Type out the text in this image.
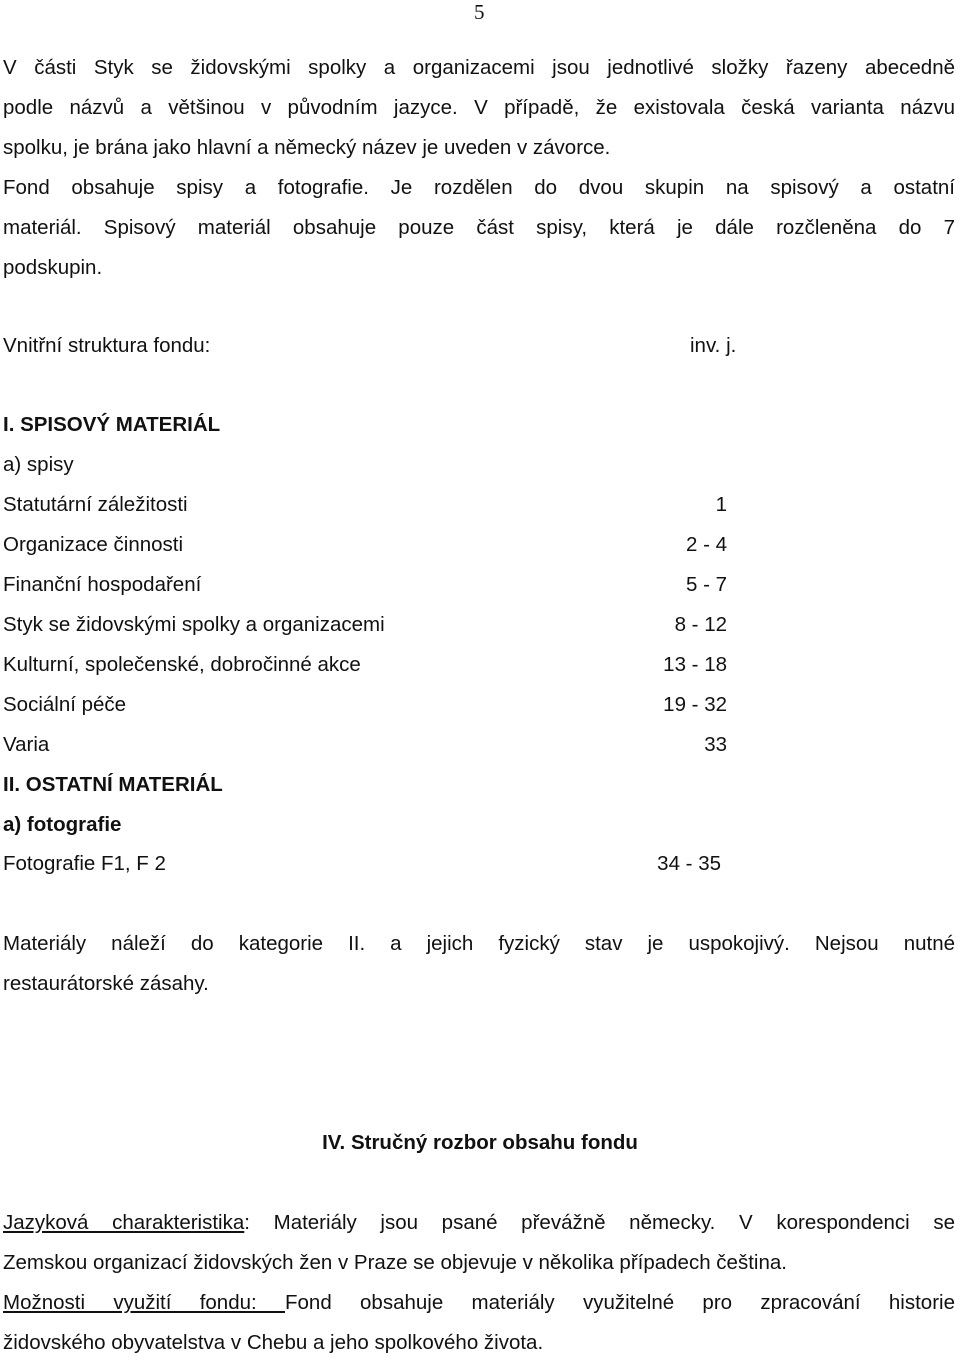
5
V části Styk se židovskými spolky a organizacemi jsou jednotlivé složky řazeny abecedně
podle názvů a většinou v původním jazyce. V případě, že existovala česká varianta názvu
spolku, je brána jako hlavní a německý název je uveden v závorce.
Fond obsahuje spisy a fotografie. Je rozdělen do dvou skupin na spisový a ostatní
materiál. Spisový materiál obsahuje pouze část spisy, která je dále rozčleněna do 7
podskupin.
Vnitřní struktura fondu:	inv. j.
I. SPISOVÝ MATERIÁL
a) spisy
Statutární záležitosti	1
Organizace činnosti	2 - 4
Finanční hospodaření	5 - 7
Styk se židovskými spolky a organizacemi	8 - 12
Kulturní, společenské, dobročinné akce	13 - 18
Sociální péče	19 - 32
Varia	33
II. OSTATNÍ MATERIÁL
a) fotografie
Fotografie F1, F 2	34 - 35
Materiály náleží do kategorie II. a jejich fyzický stav je uspokojivý. Nejsou nutné
restaurátorské zásahy.
IV. Stručný rozbor obsahu fondu
Jazyková charakteristika: Materiály jsou psané převážně německy. V korespondenci se
Zemskou organizací židovských žen v Praze se objevuje v několika případech čeština.
Možnosti využití fondu: Fond obsahuje materiály využitelné pro zpracování historie
židovského obyvatelstva v Chebu a jeho spolkového života.
